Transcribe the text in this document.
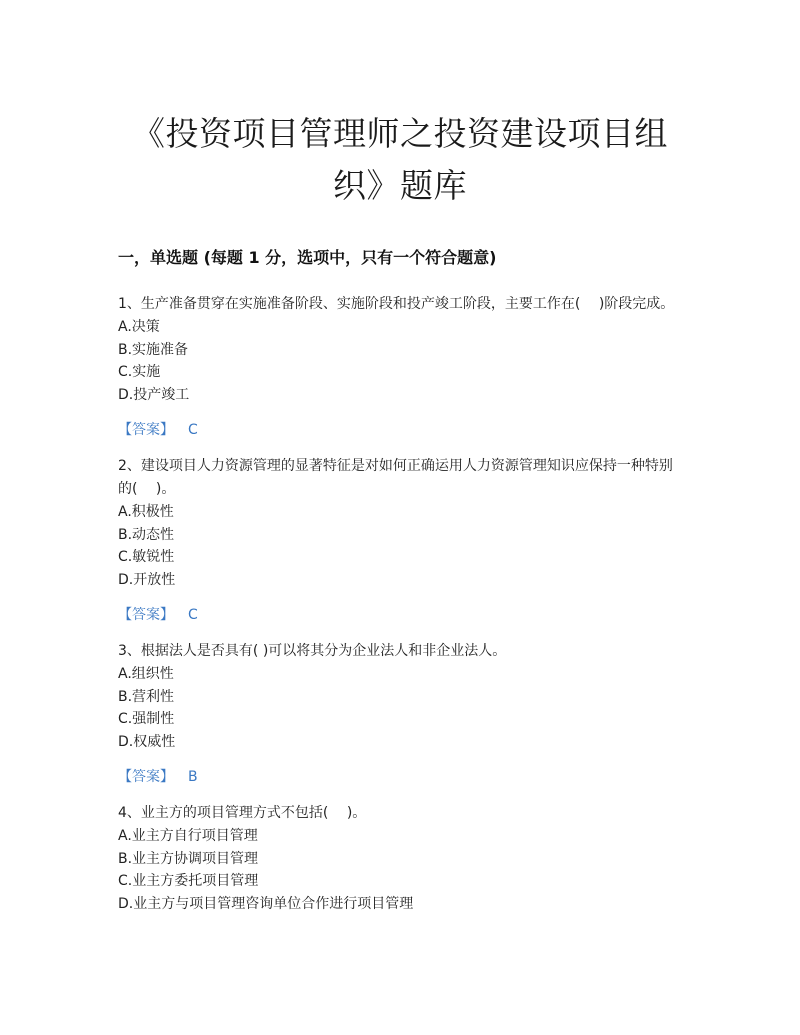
《投资项目管理师之投资建设项目组织》题库
一，单选题 (每题 1 分，选项中，只有一个符合题意)
1、生产准备贯穿在实施准备阶段、实施阶段和投产竣工阶段，主要工作在(　 )阶段完成。
A.决策
B.实施准备
C.实施
D.投产竣工
【答案】 C
2、建设项目人力资源管理的显著特征是对如何正确运用人力资源管理知识应保持一种特别的(　 )。
A.积极性
B.动态性
C.敏锐性
D.开放性
【答案】 C
3、根据法人是否具有( )可以将其分为企业法人和非企业法人。
A.组织性
B.营利性
C.强制性
D.权威性
【答案】 B
4、业主方的项目管理方式不包括(　 )。
A.业主方自行项目管理
B.业主方协调项目管理
C.业主方委托项目管理
D.业主方与项目管理咨询单位合作进行项目管理
